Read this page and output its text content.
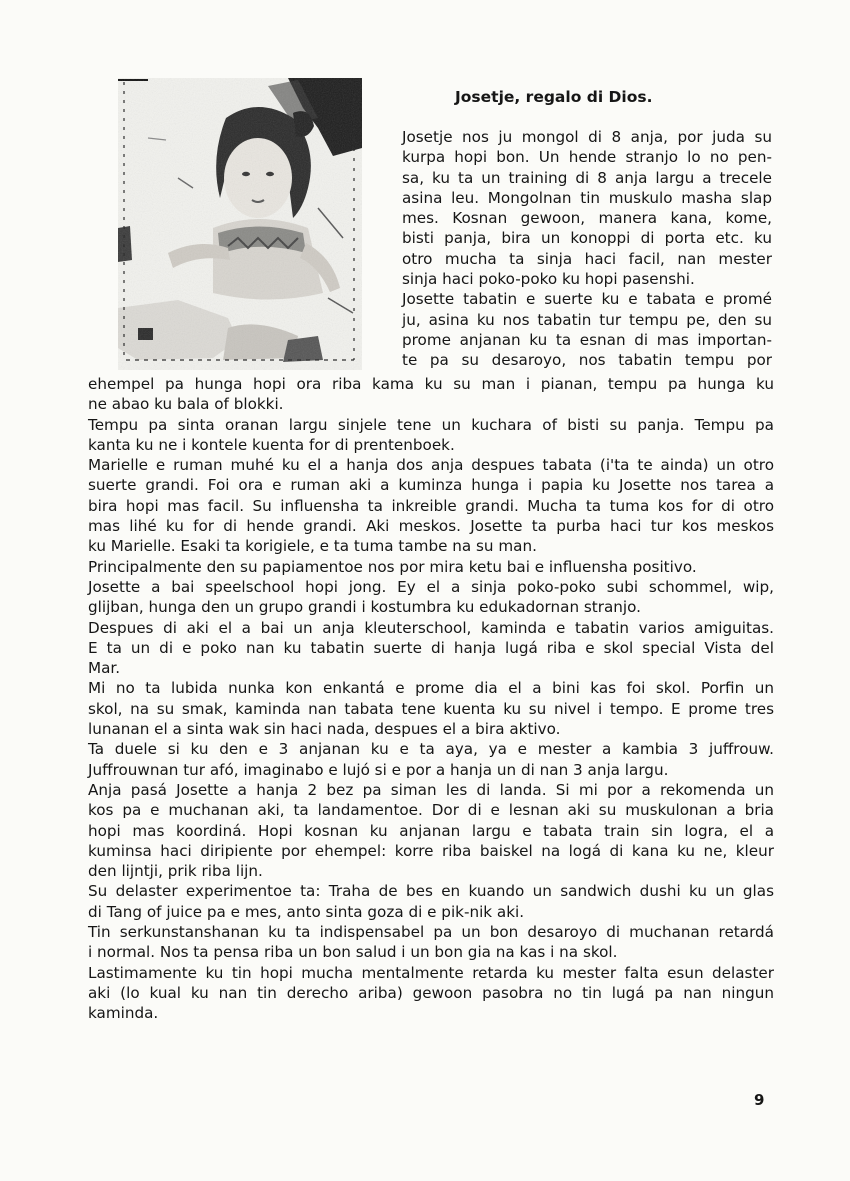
Josetje, regalo di Dios.
Josetje nos ju mongol di 8 anja, por juda su
kurpa hopi bon. Un hende stranjo lo no pen-
sa, ku ta un training di 8 anja largu a trecele
asina leu. Mongolnan tin muskulo masha slap
mes. Kosnan gewoon, manera kana, kome,
bisti panja, bira un konoppi di porta etc. ku
otro mucha ta sinja haci facil, nan mester
sinja haci poko-poko ku hopi pasenshi.
Josette tabatin e suerte ku e tabata e promé
ju, asina ku nos tabatin tur tempu pe, den su
prome anjanan ku ta esnan di mas importan-
te pa su desaroyo, nos tabatin tempu por
ehempel pa hunga hopi ora riba kama ku su man i pianan, tempu pa hunga ku
ne abao ku bala of blokki.
Tempu pa sinta oranan largu sinjele tene un kuchara of bisti su panja. Tempu pa
kanta ku ne i kontele kuenta for di prentenboek.
Marielle e ruman muhé ku el a hanja dos anja despues tabata (i'ta te ainda) un otro
suerte grandi. Foi ora e ruman aki a kuminza hunga i papia ku Josette nos tarea a
bira hopi mas facil. Su influensha ta inkreible grandi. Mucha ta tuma kos for di otro
mas lihé ku for di hende grandi. Aki meskos. Josette ta purba haci tur kos meskos
ku Marielle. Esaki ta korigiele, e ta tuma tambe na su man.
Principalmente den su papiamentoe nos por mira ketu bai e influensha positivo.
Josette a bai speelschool hopi jong. Ey el a sinja poko-poko subi schommel, wip,
glijban, hunga den un grupo grandi i kostumbra ku edukadornan stranjo.
Despues di aki el a bai un anja kleuterschool, kaminda e tabatin varios amiguitas.
E ta un di e poko nan ku tabatin suerte di hanja lugá riba e skol special Vista del
Mar.
Mi no ta lubida nunka kon enkantá e prome dia el a bini kas foi skol. Porfin un
skol, na su smak, kaminda nan tabata tene kuenta ku su nivel i tempo. E prome tres
lunanan el a sinta wak sin haci nada, despues el a bira aktivo.
Ta duele si ku den e 3 anjanan ku e ta aya, ya e mester a kambia 3 juffrouw.
Juffrouwnan tur afó, imaginabo e lujó si e por a hanja un di nan 3 anja largu.
Anja pasá Josette a hanja 2 bez pa siman les di landa. Si mi por a rekomenda un
kos pa e muchanan aki, ta landamentoe. Dor di e lesnan aki su muskulonan a bria
hopi mas koordiná. Hopi kosnan ku anjanan largu e tabata train sin logra, el a
kuminsa haci diripiente por ehempel: korre riba baiskel na logá di kana ku ne, kleur
den lijntji, prik riba lijn.
Su delaster experimentoe ta: Traha de bes en kuando un sandwich dushi ku un glas
di Tang of juice pa e mes, anto sinta goza di e pik-nik aki.
Tin serkunstanshanan ku ta indispensabel pa un bon desaroyo di muchanan retardá
i normal. Nos ta pensa riba un bon salud i un bon gia na kas i na skol.
Lastimamente ku tin hopi mucha mentalmente retarda ku mester falta esun delaster
aki (lo kual ku nan tin derecho ariba) gewoon pasobra no tin lugá pa nan ningun
kaminda.
9
